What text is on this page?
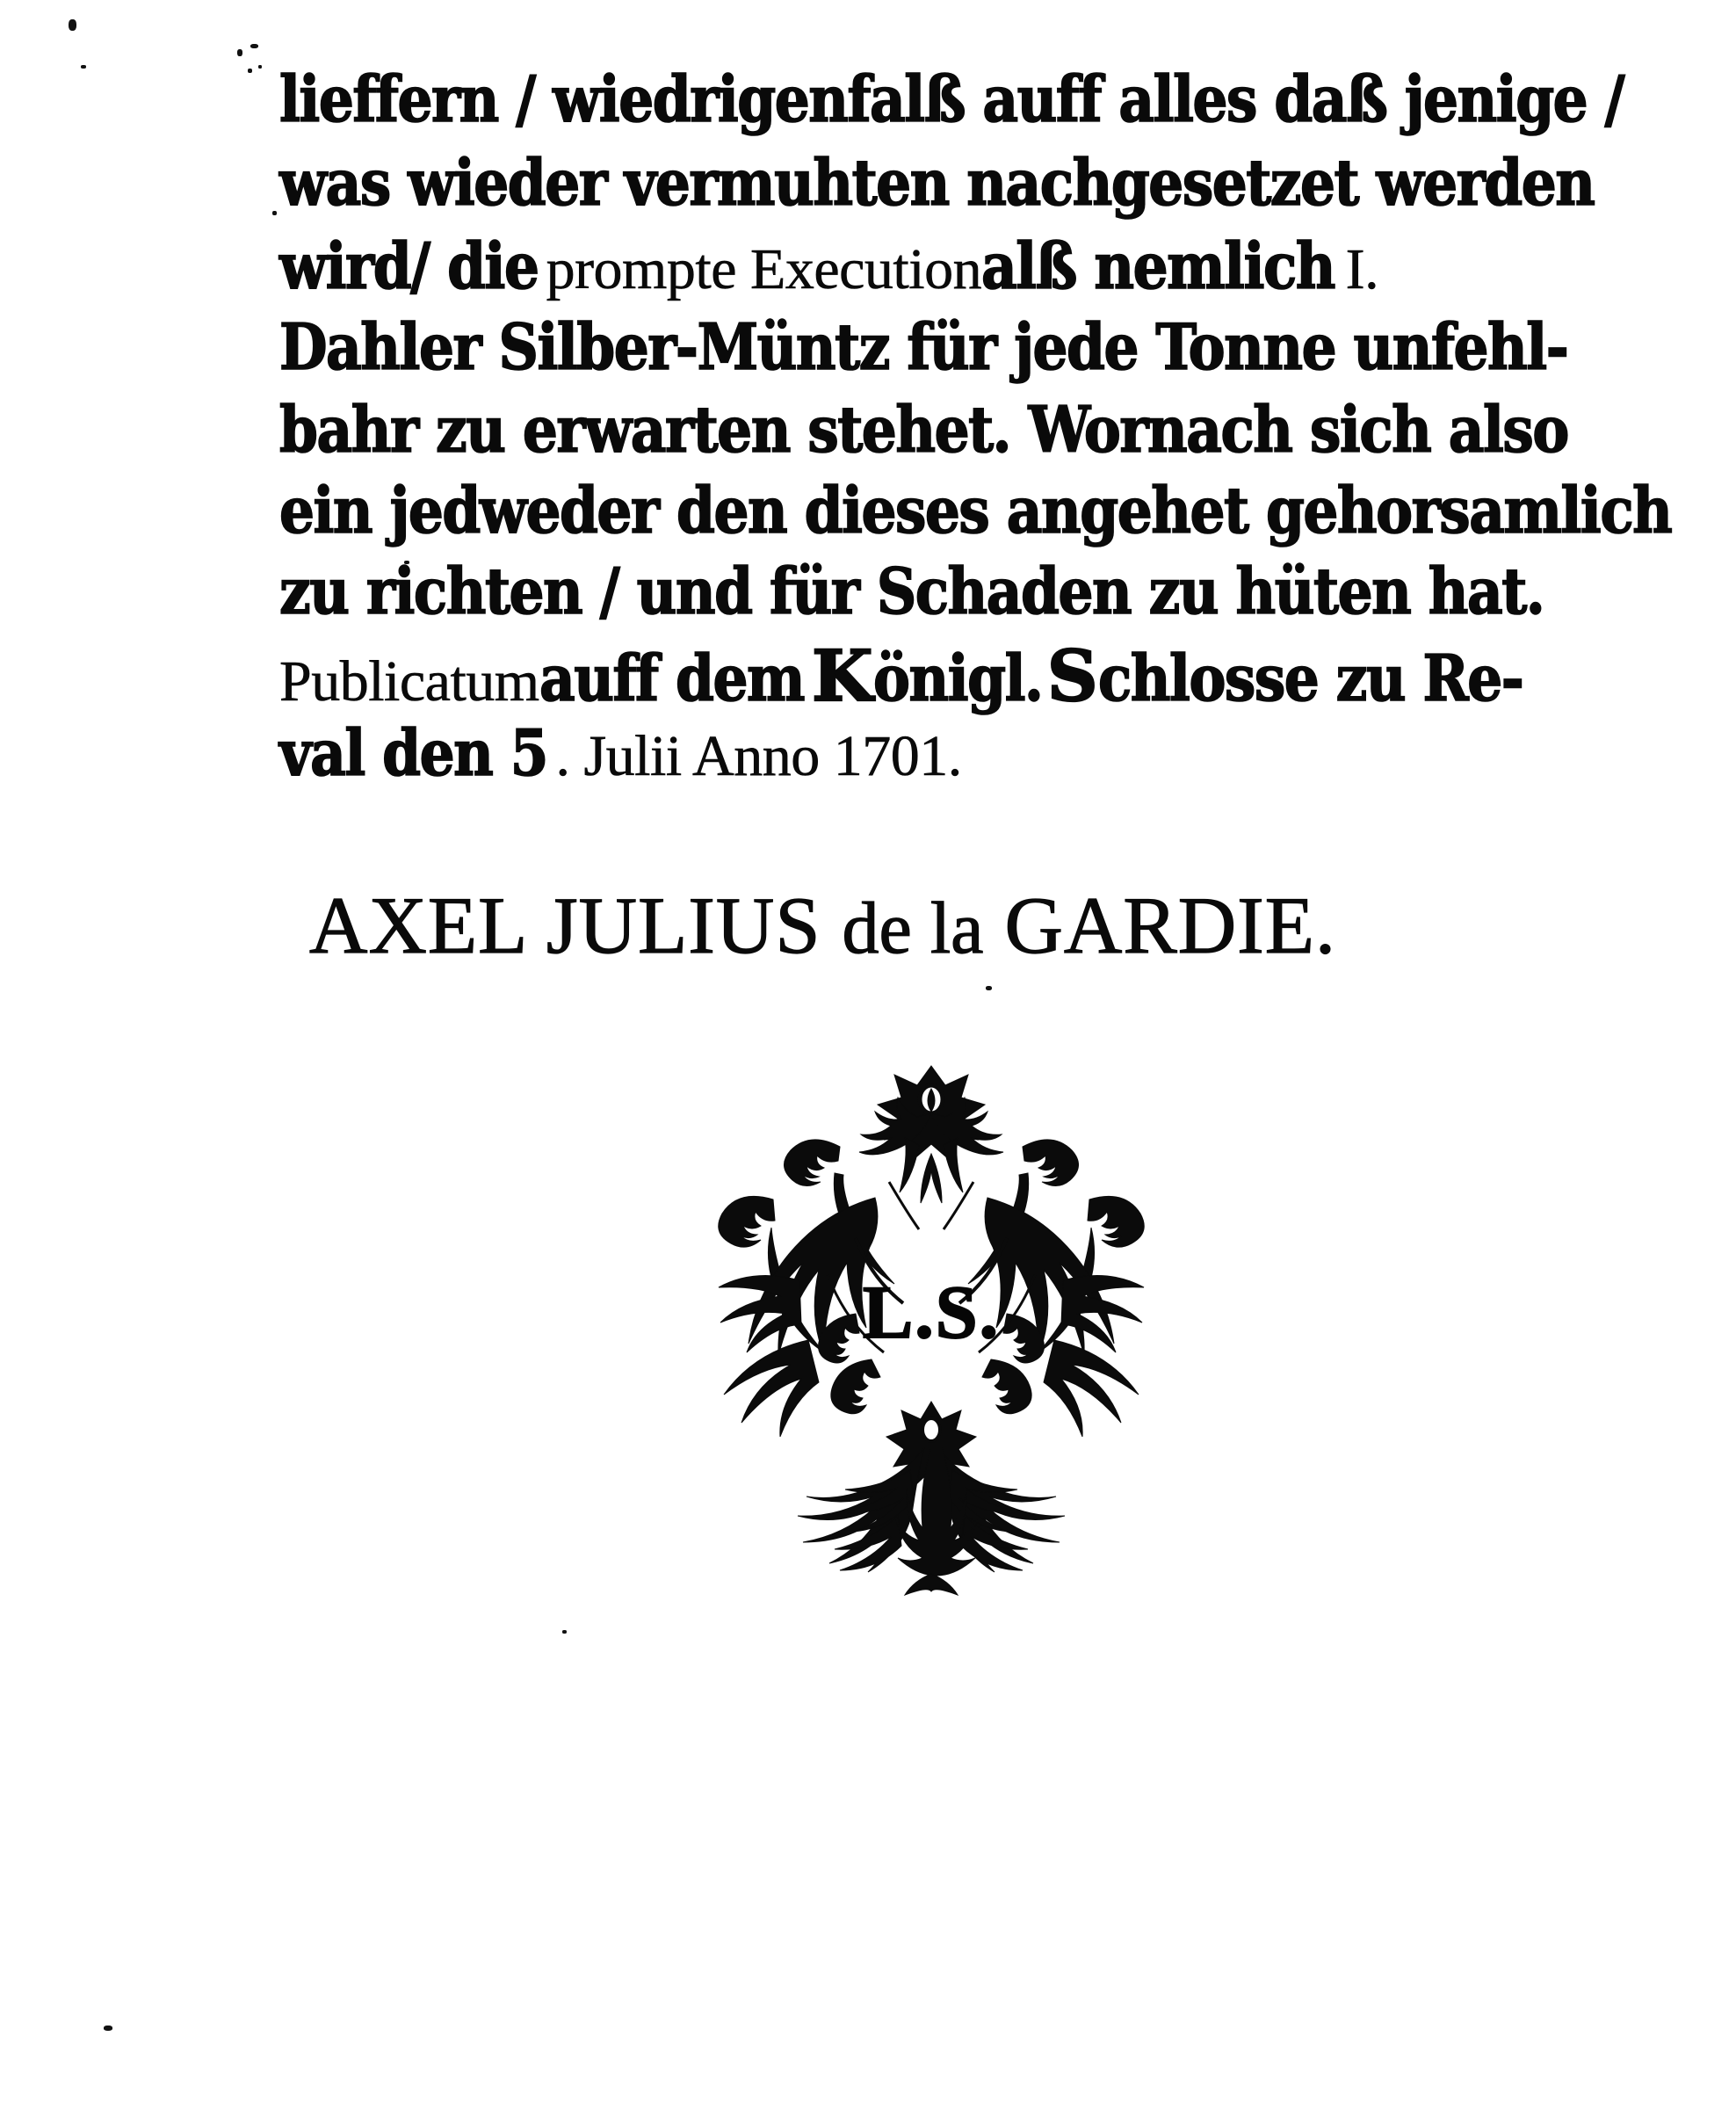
lieffern / wiedrigenfalß auff alles daß jenige /
was wieder vermuhten nachgesetzet werden
wird/ dieprompte Executionalß nemlichI.
Dahler Silber-Müntz für jede Tonne unfehl-
bahr zu erwarten stehet. Wornach sich also
ein jedweder den dieses angehet gehorsamlich
zu richten / und für Schaden zu hüten hat.
Publicatumauff demKönigl.Schlosse zu Re-
val den 5 . Julii Anno 1701.
AXEL JULIUS de la GARDIE.
L.S.
